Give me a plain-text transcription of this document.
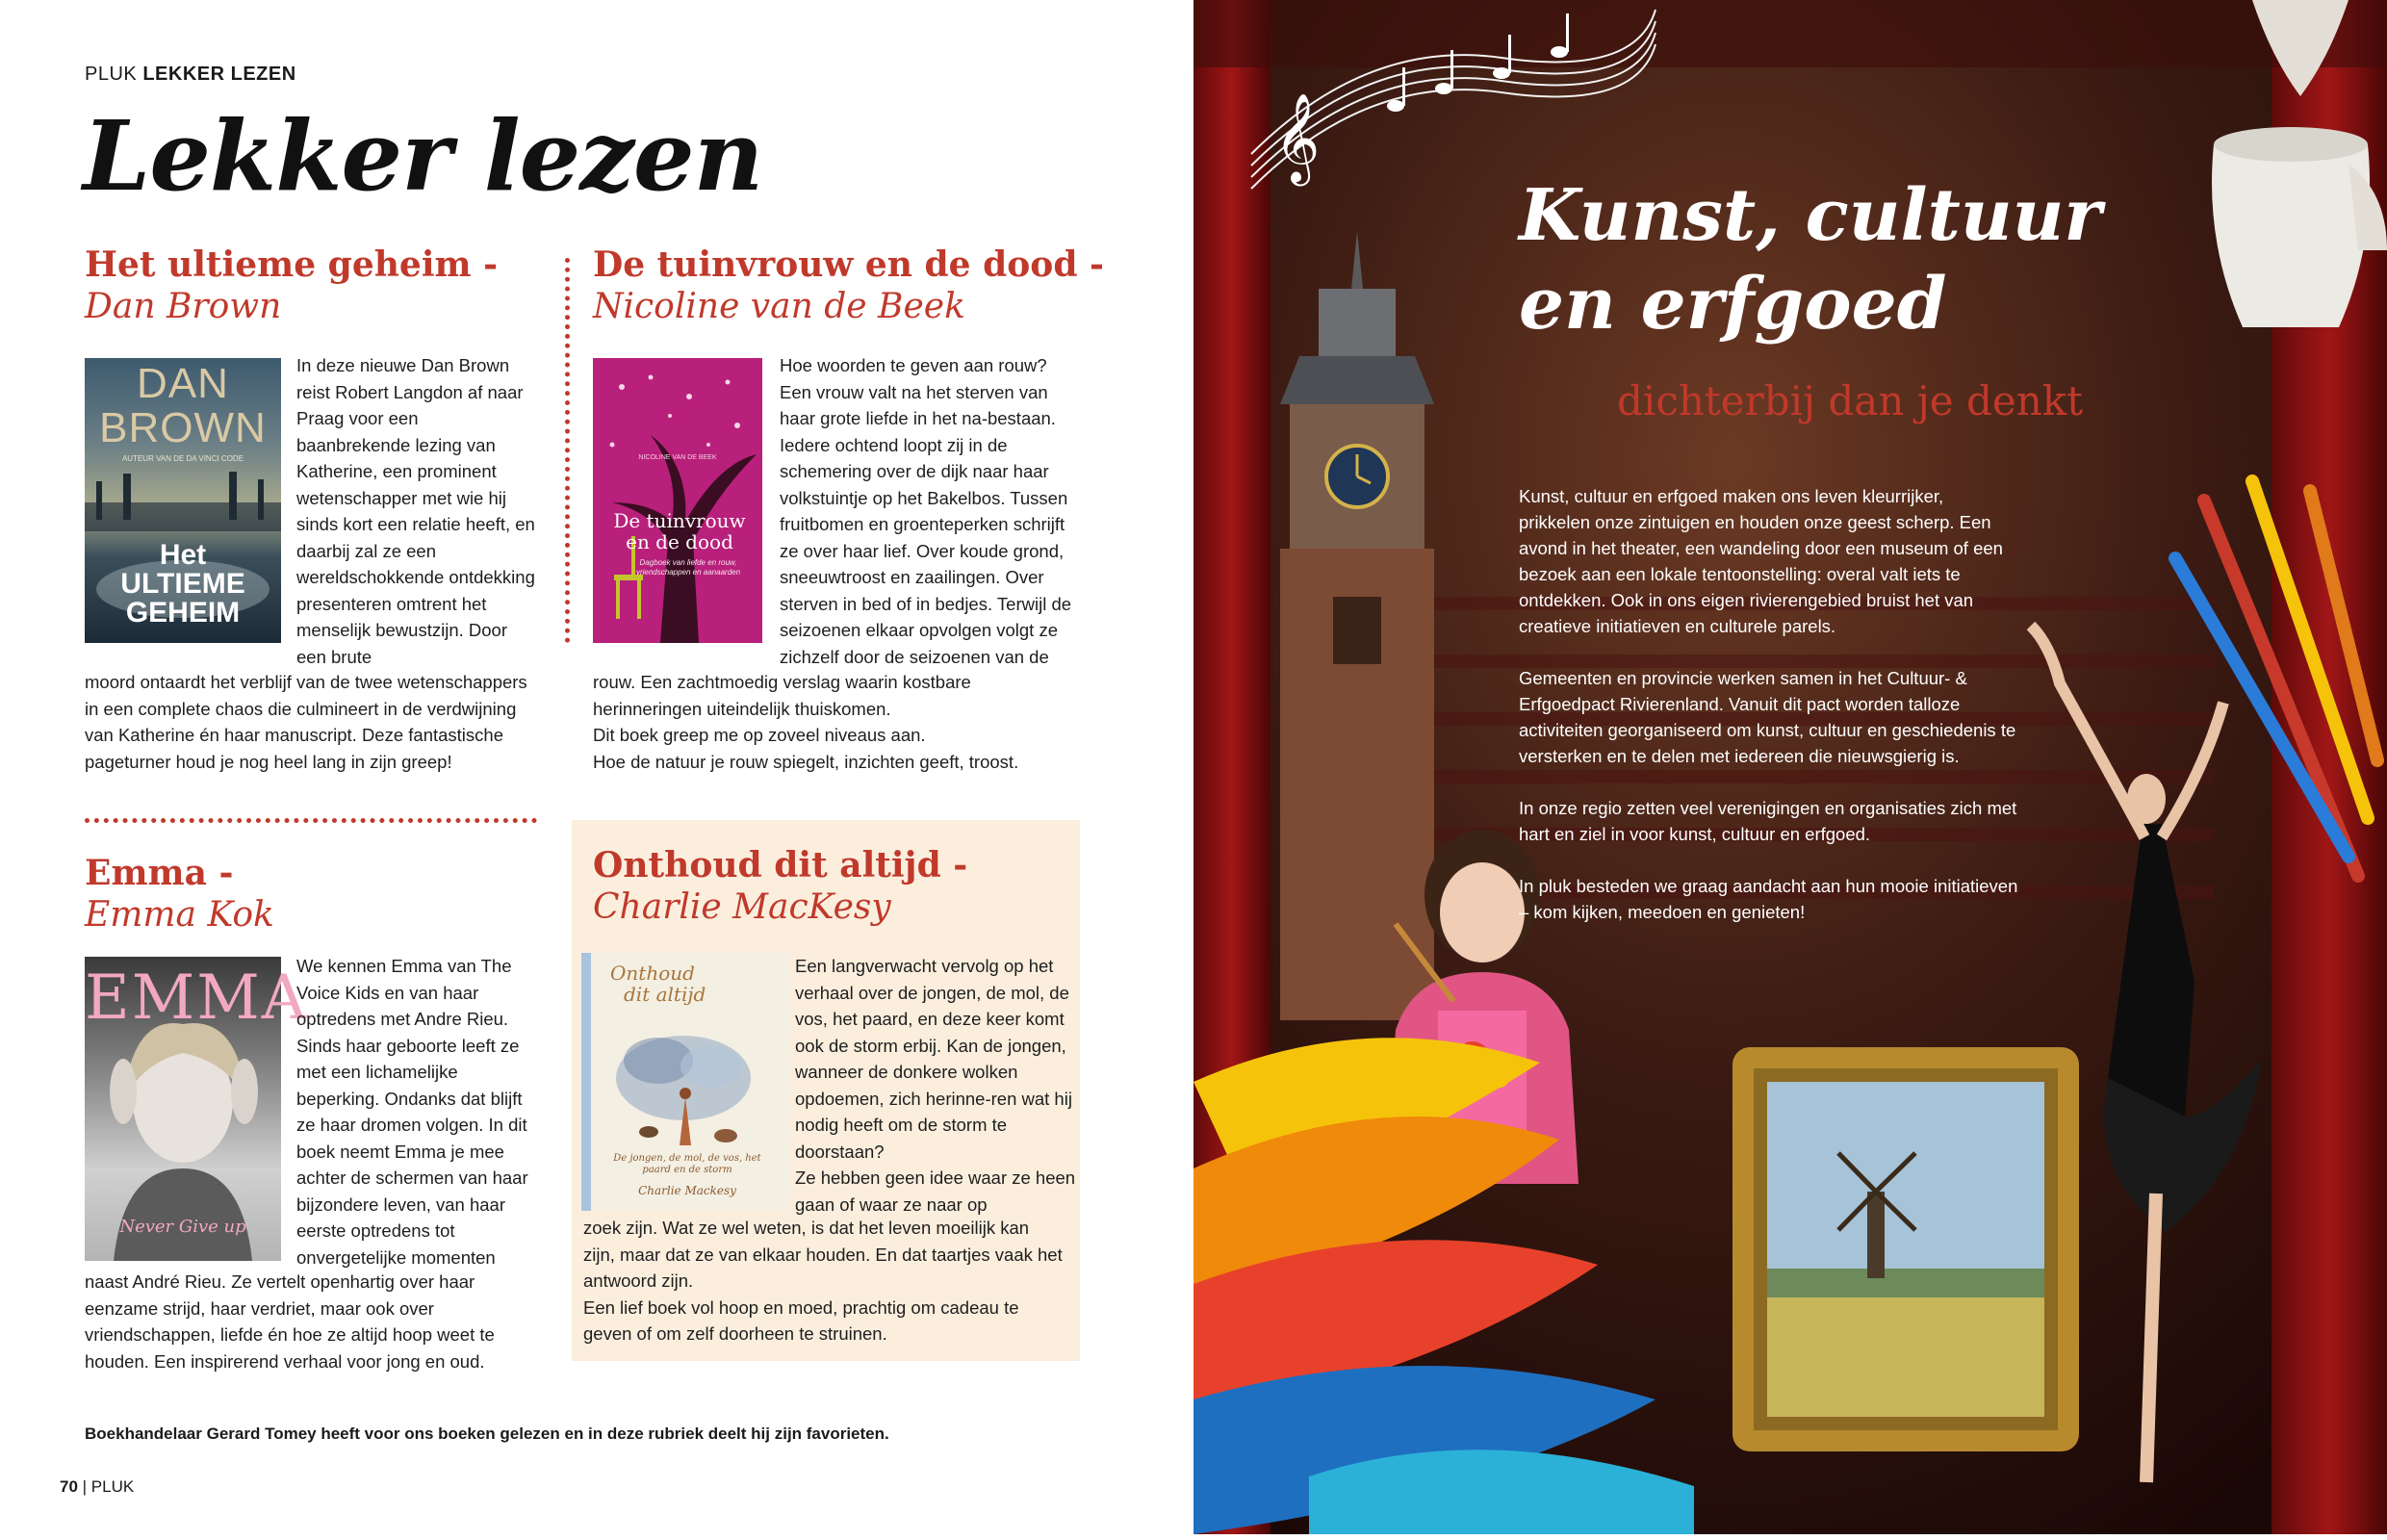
PLUK LEKKER LEZEN
Lekker lezen
Het ultieme geheim -
Dan Brown
DAN
BROWN
AUTEUR VAN DE DA VINCI CODE
Het
ULTIEME
GEHEIM
In deze nieuwe Dan Brown reist Robert Langdon af naar Praag voor een baanbrekende lezing van Katherine, een prominent wetenschapper met wie hij sinds kort een relatie heeft, en daarbij zal ze een wereldschokkende ontdekking presenteren omtrent het menselijk bewustzijn. Door een brute
moord ontaardt het verblijf van de twee wetenschappers in een complete chaos die culmineert in de verdwijning van Katherine én haar manuscript. Deze fantastische pageturner houd je nog heel lang in zijn greep!
De tuinvrouw en de dood -
Nicoline van de Beek
NICOLINE VAN DE BEEK
De tuinvrouw
en de dood
Dagboek van liefde en rouw, vriendschappen en aanaarden
Hoe woorden te geven aan rouw? Een vrouw valt na het sterven van haar grote liefde in het na-bestaan. Iedere ochtend loopt zij in de schemering over de dijk naar haar volkstuintje op het Bakelbos. Tussen fruitbomen en groenteperken schrijft ze over haar lief. Over koude grond, sneeuwtroost en zaailingen. Over sterven in bed of in bedjes. Terwijl de seizoenen elkaar opvolgen volgt ze zichzelf door de seizoenen van de

rouw. Een zachtmoedig verslag waarin kostbare herinneringen uiteindelijk thuiskomen.

Dit boek greep me op zoveel niveaus aan.

Hoe de natuur je rouw spiegelt, inzichten geeft, troost.

Emma -
Emma Kok
EMMA
Never Give up
We kennen Emma van The Voice Kids en van haar optredens met Andre Rieu. Sinds haar geboorte leeft ze met een lichamelijke beperking. Ondanks dat blijft ze haar dromen volgen. In dit boek neemt Emma je mee achter de schermen van haar bijzondere leven, van haar eerste optredens tot onvergetelijke momenten
naast André Rieu. Ze vertelt openhartig over haar eenzame strijd, haar verdriet, maar ook over vriendschappen, liefde én hoe ze altijd hoop weet te houden. Een inspirerend verhaal voor jong en oud.
Onthoud dit altijd -
Charlie MacKesy
Onthoud
dit altijd
De jongen, de mol, de vos, het paard en de storm
Charlie Mackesy

Een langverwacht vervolg op het verhaal over de jongen, de mol, de vos, het paard, en deze keer komt ook de storm erbij. Kan de jongen, wanneer de donkere wolken opdoemen, zich herinne-ren wat hij nodig heeft om de storm te doorstaan?

Ze hebben geen idee waar ze heen gaan of waar ze naar op

zoek zijn. Wat ze wel weten, is dat het leven moeilijk kan zijn, maar dat ze van elkaar houden. En dat taartjes vaak het antwoord zijn.

Een lief boek vol hoop en moed, prachtig om cadeau te geven of om zelf doorheen te struinen.

Boekhandelaar Gerard Tomey heeft voor ons boeken gelezen en in deze rubriek deelt hij zijn favorieten.
70 | PLUK
𝄞
Kunst, cultuur
en erfgoed
dichterbij dan je denkt

Kunst, cultuur en erfgoed maken ons leven kleurrijker, prikkelen onze zintuigen en houden onze geest scherp. Een avond in het theater, een wandeling door een museum of een bezoek aan een lokale tentoonstelling: overal valt iets te ontdekken. Ook in ons eigen rivierengebied bruist het van creatieve initiatieven en culturele parels.

Gemeenten en provincie werken samen in het Cultuur- & Erfgoedpact Rivierenland. Vanuit dit pact worden talloze activiteiten georganiseerd om kunst, cultuur en geschiedenis te versterken en te delen met iedereen die nieuwsgierig is.

In onze regio zetten veel verenigingen en organisaties zich met hart en ziel in voor kunst, cultuur en erfgoed.

In pluk besteden we graag aandacht aan hun mooie initiatieven – kom kijken, meedoen en genieten!
